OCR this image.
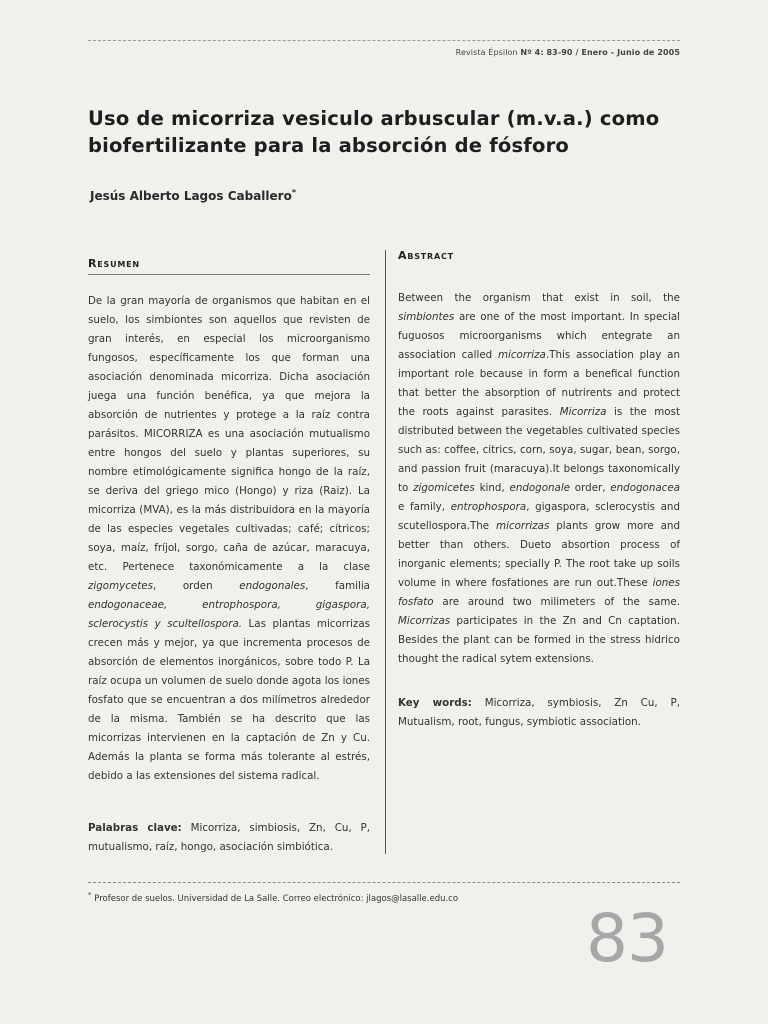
Revista Épsilon Nº 4: 83-90 / Enero - Junio de 2005
Uso de micorriza vesiculo arbuscular (m.v.a.) como biofertilizante para la absorción de fósforo
Jesús Alberto Lagos Caballero*
Resumen
Abstract

De la gran mayoría de organismos que habitan en el suelo, los simbiontes son aquellos que revisten de gran interés, en especial los microorganismo fungosos, específicamente los que forman una asociación denominada micorriza. Dicha asociación juega una función benéfica, ya que mejora la absorción de nutrientes y protege a la raíz contra parásitos. MICORRIZA es una asociación mutualismo entre hongos del suelo y plantas superiores, su nombre etimológicamente significa hongo de la raíz, se deriva del griego mico (Hongo) y riza (Raiz). La micorriza (MVA), es la más distribuidora en la mayoría de las especies vegetales cultivadas; café; cítricos; soya, maíz, fríjol, sorgo, caña de azúcar, maracuya, etc. Pertenece taxonómicamente a la clase zigomycetes, orden endogonales, familia endogonaceae, entrophospora, gigaspora, sclerocystis y scultellospora. Las plantas micorrizas crecen más y mejor, ya que incrementa procesos de absorción de elementos inorgánicos, sobre todo P. La raíz ocupa un volumen de suelo donde agota los iones fosfato que se encuentran a dos milímetros alrededor de la misma. También se ha descrito que las micorrizas intervienen en la captación de Zn y Cu. Además la planta se forma más tolerante al estrés, debido a las extensiones del sistema radical.

Palabras clave: Micorriza, simbiosis, Zn, Cu, P, mutualismo, raíz, hongo, asociación simbiótica.

Between the organism that exist in soil, the simbiontes are one of the most important. In special fuguosos microorganisms which entegrate an association called micorriza.This association play an important role because in form a benefical function that better the absorption of nutrirents and protect the roots against parasites. Micorriza is the most distributed between the vegetables cultivated species such as: coffee, citrics, corn, soya, sugar, bean, sorgo, and passion fruit (maracuya).It belongs taxonomically to zigomicetes kind, endogonale order, endogonacea e family, entrophospora, gigaspora, sclerocystis and scutellospora.The micorrizas plants grow more and better than others. Dueto absortion process of inorganic elements; specially P. The root take up soils volume in where fosfationes are run out.These iones fosfato are around two milimeters of the same. Micorrizas participates in the Zn and Cn captation. Besides the plant can be formed in the stress hidrico thought the radical sytem extensions.

Key words: Micorriza, symbiosis, Zn Cu, P, Mutualism, root, fungus, symbiotic association.

* Profesor de suelos. Universidad de La Salle. Correo electrónico: jlagos@lasalle.edu.co
83
